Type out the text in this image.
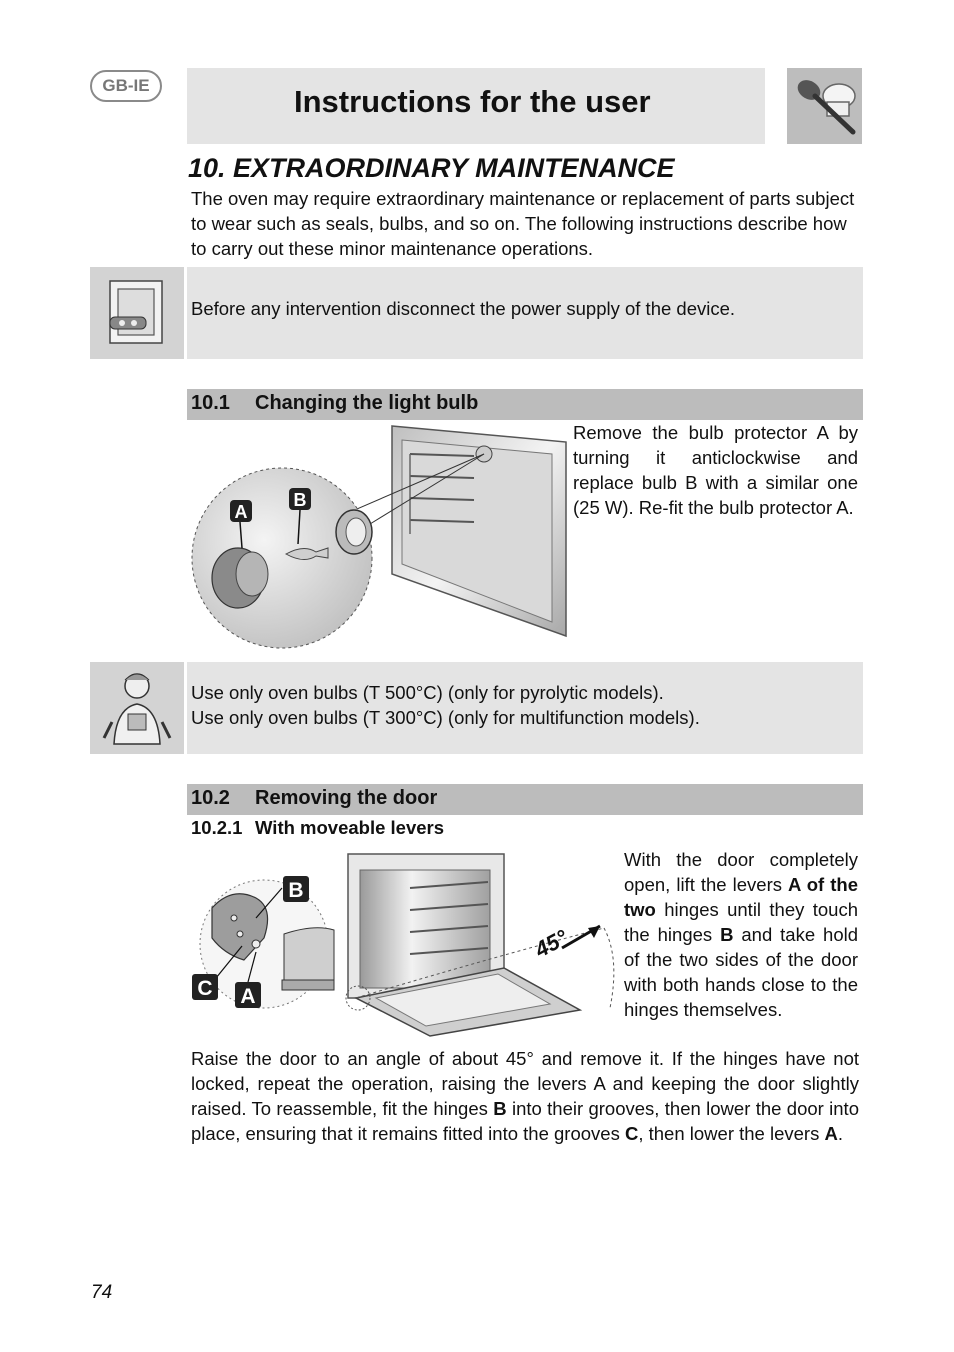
GB-IE	Instructions for the user
10. EXTRAORDINARY MAINTENANCE

The oven may require extraordinary maintenance or replacement of parts subject to wear such as seals, bulbs, and so on. The following instructions describe how to carry out these minor maintenance operations.

Before any intervention disconnect the power supply of the device.

10.1 Changing the light bulb
A
B

Remove the bulb protector A by turning it anticlockwise and replace bulb B with a similar one (25 W). Re-fit the bulb protector A.

Use only oven bulbs (T 500°C) (only for pyrolytic models).

Use only oven bulbs (T 300°C) (only for multifunction models).

10.2 Removing the door
10.2.1 With moveable levers
45°
B
C A

With the door completely open, lift the levers A of the two hinges until they touch the hinges B and take hold of the two sides of the door with both hands close to the hinges themselves.

Raise the door to an angle of about 45° and remove it. If the hinges have not locked, repeat the operation, raising the levers A and keeping the door slightly raised. To reassemble, fit the hinges B into their grooves, then lower the door into place, ensuring that it remains fitted into the grooves C, then lower the levers A.

74
